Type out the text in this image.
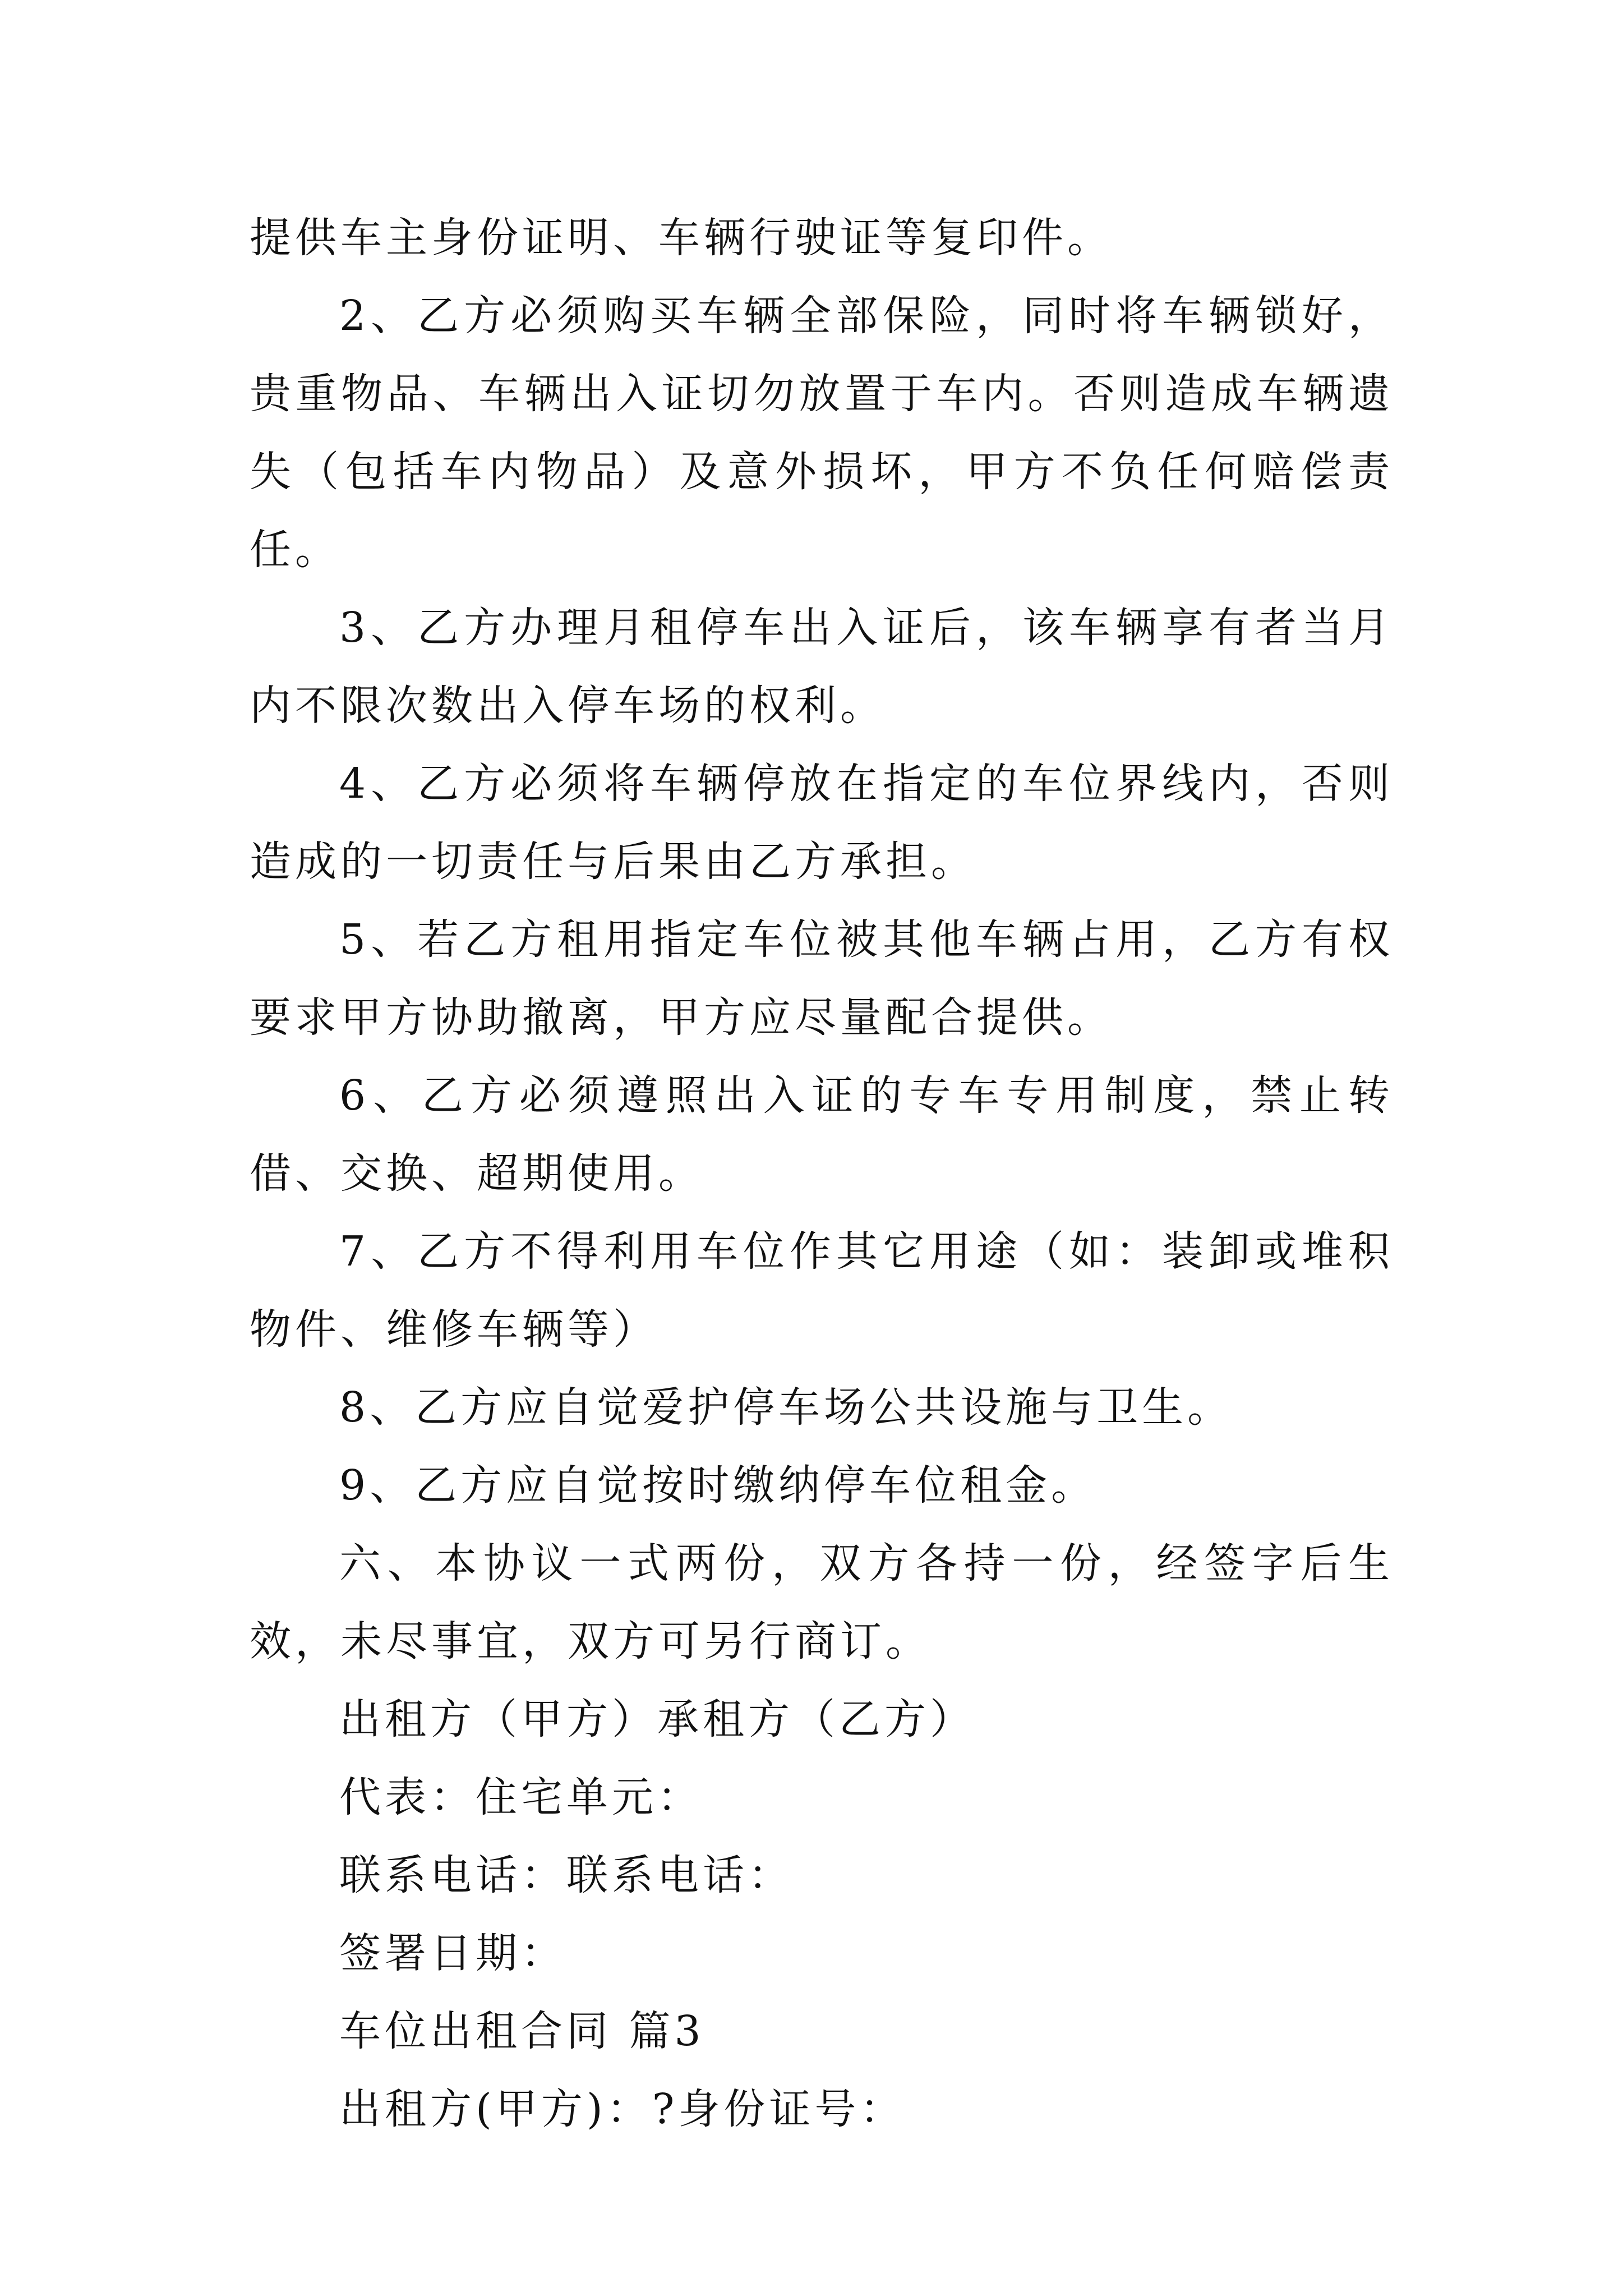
提供车主身份证明、车辆行驶证等复印件。

2、乙方必须购买车辆全部保险，同时将车辆锁好，贵重物品、车辆出入证切勿放置于车内。否则造成车辆遗失（包括车内物品）及意外损坏，甲方不负任何赔偿责任。

3、乙方办理月租停车出入证后，该车辆享有者当月内不限次数出入停车场的权利。

4、乙方必须将车辆停放在指定的车位界线内，否则造成的一切责任与后果由乙方承担。

5、若乙方租用指定车位被其他车辆占用，乙方有权要求甲方协助撤离，甲方应尽量配合提供。

6、乙方必须遵照出入证的专车专用制度，禁止转借、交换、超期使用。

7、乙方不得利用车位作其它用途（如：装卸或堆积物件、维修车辆等）

8、乙方应自觉爱护停车场公共设施与卫生。

9、乙方应自觉按时缴纳停车位租金。

六、本协议一式两份，双方各持一份，经签字后生效，未尽事宜，双方可另行商订。

出租方（甲方）承租方（乙方）

代表：住宅单元：

联系电话：联系电话：

签署日期：

车位出租合同 篇3

出租方(甲方)：?身份证号：
